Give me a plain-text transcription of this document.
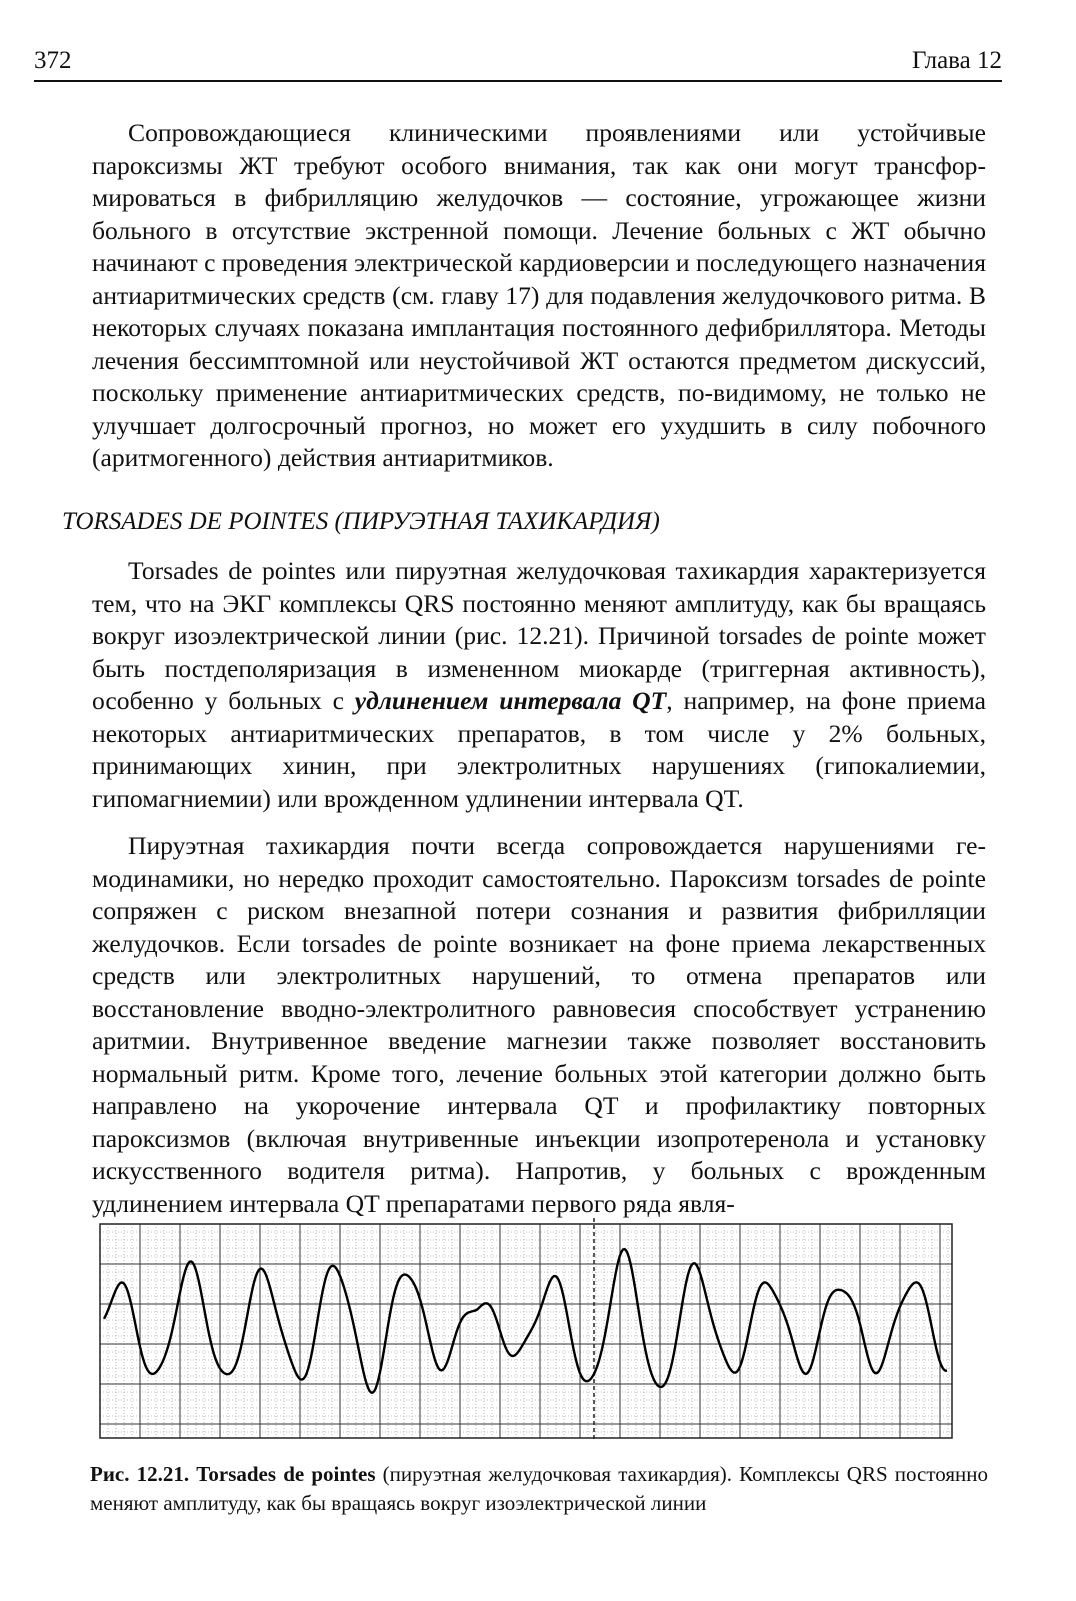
372	Глава 12

Сопровождающиеся клиническими проявлениями или устойчивые пароксизмы ЖТ требуют особого внимания, так как они могут трансформироваться в фибрилляцию желудочков — состояние, угрожающее жизни больного в отсутствие экстренной помощи. Лечение больных с ЖТ обычно начинают с проведения электрической кардиоверсии и последующего назначения антиаритмических средств (см. главу 17) для подавления желудочкового ритма. В некоторых случаях показана имплантация постоянного дефибриллятора. Методы лечения бессимптомной или неустойчивой ЖТ остаются предметом дискуссий, поскольку применение антиаритмических средств, по-видимому, не только не улучшает долгосрочный прогноз, но может его ухудшить в силу побочного (аритмогенного) действия антиаритмиков.

TORSADES DE POINTES (ПИРУЭТНАЯ ТАХИКАРДИЯ)

Torsades de pointes или пируэтная желудочковая тахикардия характеризуется тем, что на ЭКГ комплексы QRS постоянно меняют амплитуду, как бы вращаясь вокруг изоэлектрической линии (рис. 12.21). Причиной torsades de pointe может быть постдеполяризация в измененном миокарде (триггерная активность), особенно у больных с удлинением интервала QT, например, на фоне приема некоторых антиаритмических препаратов, в том числе у 2% больных, принимающих хинин, при электролитных нарушениях (гипокалиемии, гипомагниемии) или врожденном удлинении интервала QT.

Пируэтная тахикардия почти всегда сопровождается нарушениями гемодинамики, но нередко проходит самостоятельно. Пароксизм torsades de pointe сопряжен с риском внезапной потери сознания и развития фибрилляции желудочков. Если torsades de pointe возникает на фоне приема лекарственных средств или электролитных нарушений, то отмена препаратов или восстановление вводно-электролитного равновесия способствует устранению аритмии. Внутривенное введение магнезии также позволяет восстановить нормальный ритм. Кроме того, лечение больных этой категории должно быть направлено на укорочение интервала QT и профилактику повторных пароксизмов (включая внутривенные инъекции изопротеренола и установку искусственного водителя ритма). Напротив, у больных с врожденным удлинением интервала QT препаратами первого ряда явля-

Рис. 12.21. Torsades de pointes (пируэтная желудочковая тахикардия). Комплексы QRS постоянно меняют амплитуду, как бы вращаясь вокруг изоэлектрической линии
